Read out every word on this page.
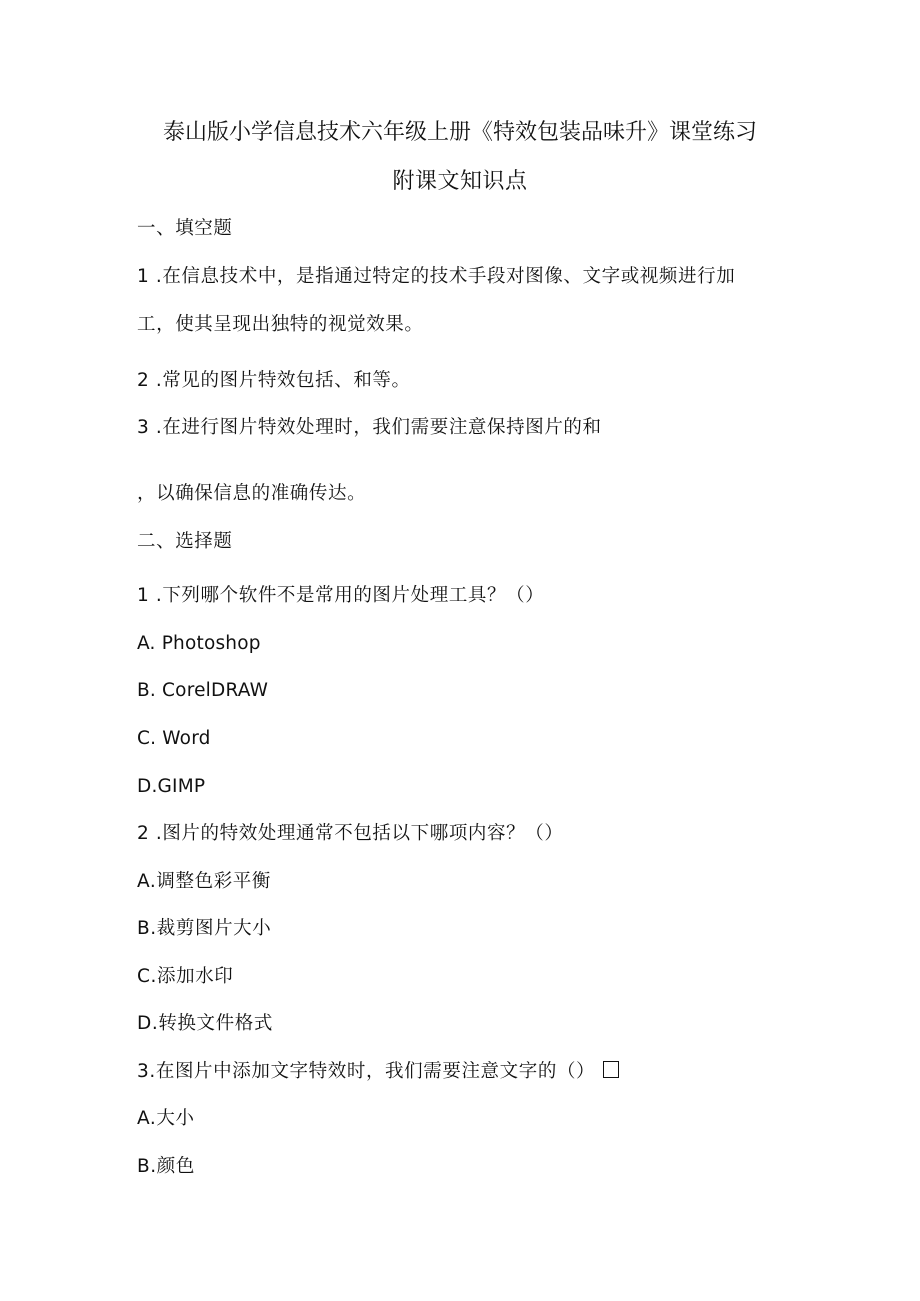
泰山版小学信息技术六年级上册《特效包装品味升》课堂练习
附课文知识点
一、填空题
1 .在信息技术中，是指通过特定的技术手段对图像、文字或视频进行加
工，使其呈现出独特的视觉效果。
2 .常见的图片特效包括、和等。
3 .在进行图片特效处理时，我们需要注意保持图片的和
，以确保信息的准确传达。
二、选择题
1 .下列哪个软件不是常用的图片处理工具？（）
A. Photoshop
B. CorelDRAW
C. Word
D.GIMP
2 .图片的特效处理通常不包括以下哪项内容？（）
A.调整色彩平衡
B.裁剪图片大小
C.添加水印
D.转换文件格式
3.在图片中添加文字特效时，我们需要注意文字的（）
A.大小
B.颜色
